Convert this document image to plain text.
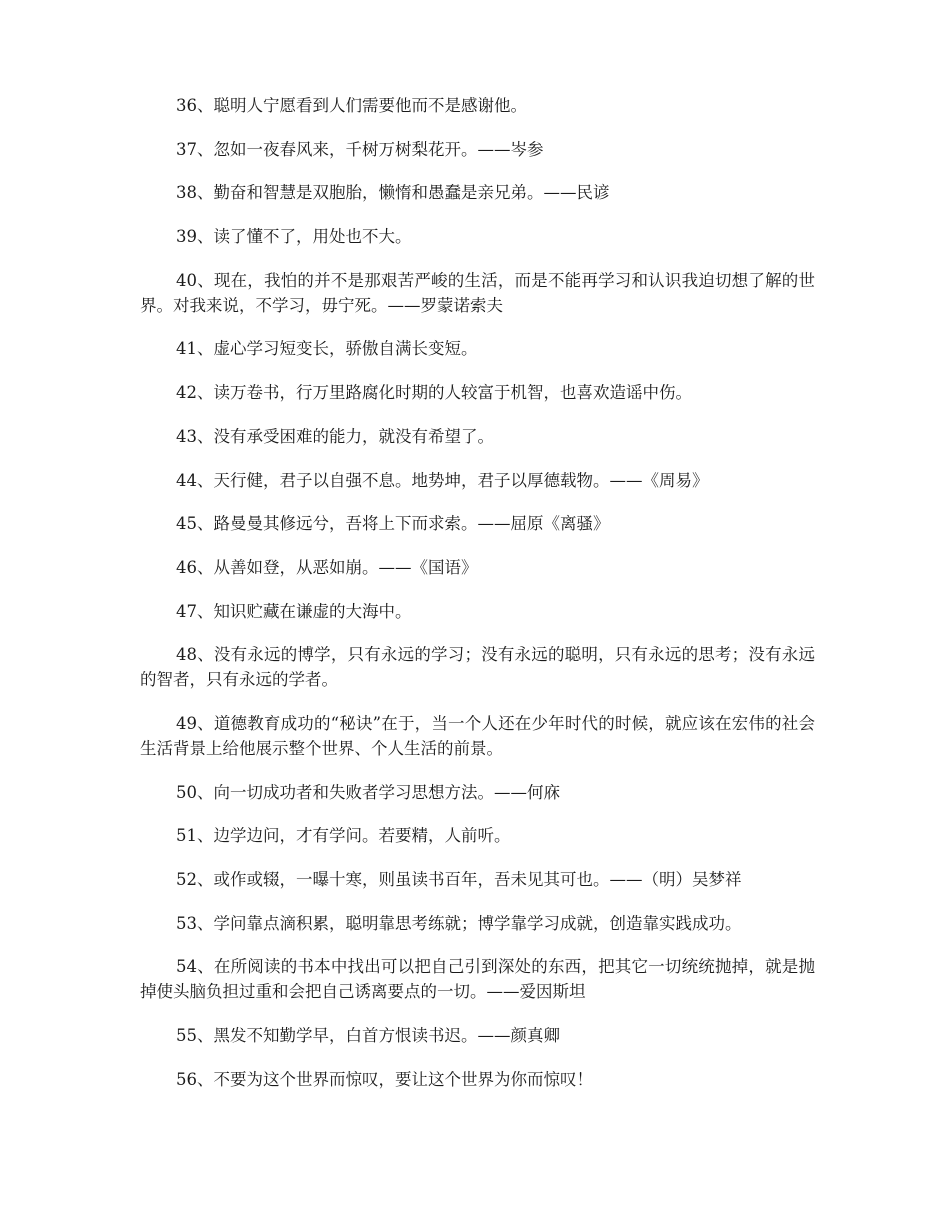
36、聪明人宁愿看到人们需要他而不是感谢他。

37、忽如一夜春风来，千树万树梨花开。——岑参

38、勤奋和智慧是双胞胎，懒惰和愚蠢是亲兄弟。——民谚

39、读了懂不了，用处也不大。

40、现在，我怕的并不是那艰苦严峻的生活，而是不能再学习和认识我迫切想了解的世界。对我来说，不学习，毋宁死。——罗蒙诺索夫

41、虚心学习短变长，骄傲自满长变短。

42、读万卷书，行万里路腐化时期的人较富于机智，也喜欢造谣中伤。

43、没有承受困难的能力，就没有希望了。

44、天行健，君子以自强不息。地势坤，君子以厚德载物。——《周易》

45、路曼曼其修远兮，吾将上下而求索。——屈原《离骚》

46、从善如登，从恶如崩。——《国语》

47、知识贮藏在谦虚的大海中。

48、没有永远的博学，只有永远的学习；没有永远的聪明，只有永远的思考；没有永远的智者，只有永远的学者。

49、道德教育成功的“秘诀”在于，当一个人还在少年时代的时候，就应该在宏伟的社会生活背景上给他展示整个世界、个人生活的前景。

50、向一切成功者和失败者学习思想方法。——何庥

51、边学边问，才有学问。若要精，人前听。

52、或作或辍，一曝十寒，则虽读书百年，吾未见其可也。——（明）吴梦祥

53、学问靠点滴积累，聪明靠思考练就；博学靠学习成就，创造靠实践成功。

54、在所阅读的书本中找出可以把自己引到深处的东西，把其它一切统统抛掉，就是抛掉使头脑负担过重和会把自己诱离要点的一切。——爱因斯坦

55、黑发不知勤学早，白首方恨读书迟。——颜真卿

56、不要为这个世界而惊叹，要让这个世界为你而惊叹！
